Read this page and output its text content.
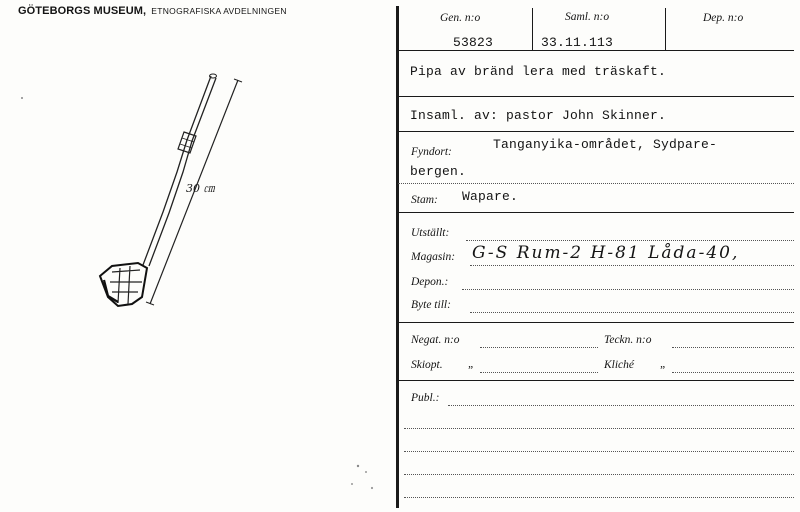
GÖTEBORGS MUSEUM, ETNOGRAFISKA AVDELNINGEN
30 ㎝
Gen. n:o	Saml. n:o	Dep. n:o
53823	33.11.113
Pipa av bränd lera med träskaft.
Insaml. av: pastor John Skinner.
Fyndort:	Tanganyika-området, Sydpare-
bergen.
Stam: Wapare.
Utställt:
Magasin: G-S Rum-2 H-81 Låda-40,
Depon.:
Byte till:
Negat. n:o	Teckn. n:o
Skiopt. „	Kliché „
Publ.:
